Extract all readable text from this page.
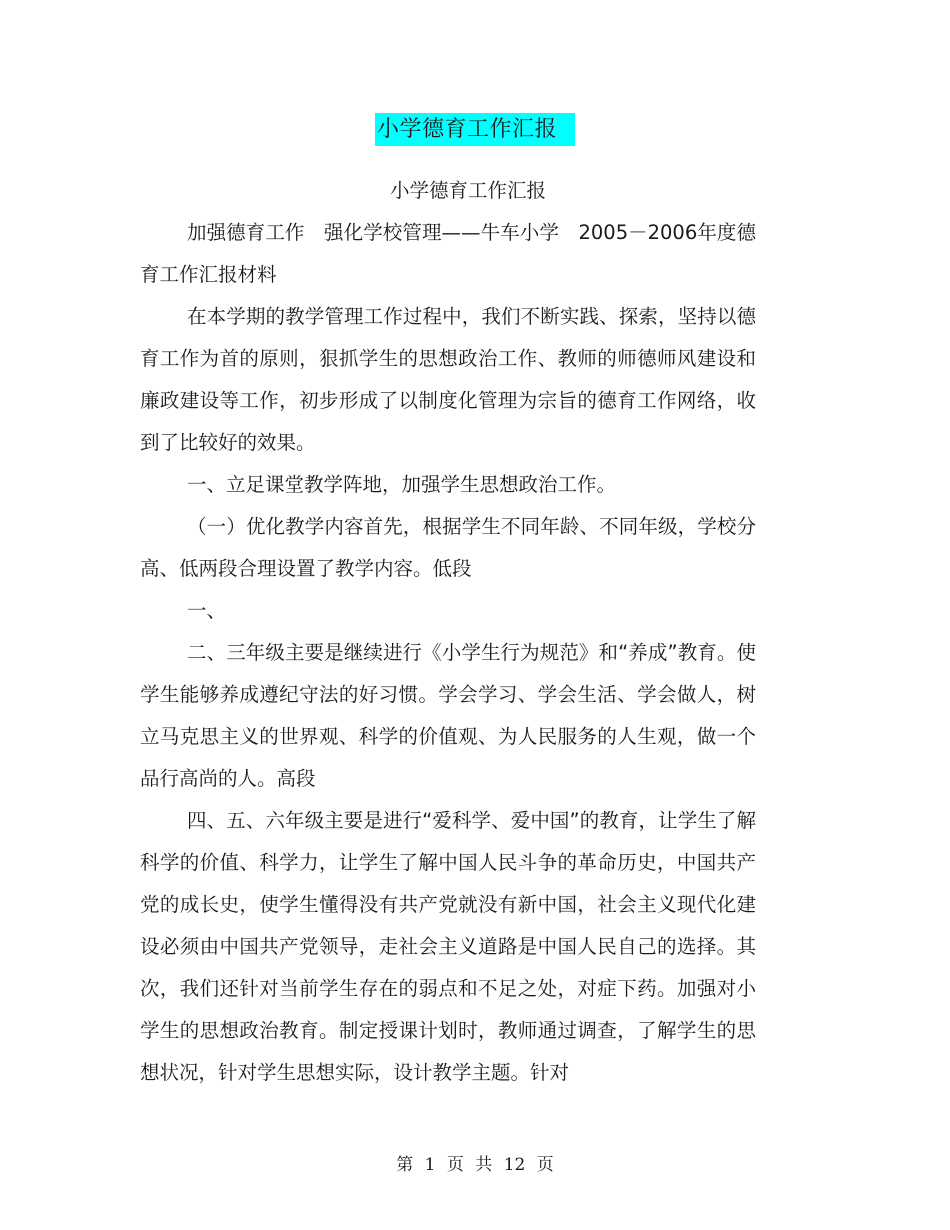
小学德育工作汇报

小学德育工作汇报

加强德育工作　强化学校管理——牛车小学　2005－2006年度德育工作汇报材料

在本学期的教学管理工作过程中，我们不断实践、探索，坚持以德育工作为首的原则，狠抓学生的思想政治工作、教师的师德师风建设和廉政建设等工作，初步形成了以制度化管理为宗旨的德育工作网络，收到了比较好的效果。

一、立足课堂教学阵地，加强学生思想政治工作。

（一）优化教学内容首先，根据学生不同年龄、不同年级，学校分高、低两段合理设置了教学内容。低段

一、

二、三年级主要是继续进行《小学生行为规范》和“养成”教育。使学生能够养成遵纪守法的好习惯。学会学习、学会生活、学会做人，树立马克思主义的世界观、科学的价值观、为人民服务的人生观，做一个品行高尚的人。高段

四、五、六年级主要是进行“爱科学、爱中国”的教育，让学生了解科学的价值、科学力，让学生了解中国人民斗争的革命历史，中国共产党的成长史，使学生懂得没有共产党就没有新中国，社会主义现代化建设必须由中国共产党领导，走社会主义道路是中国人民自己的选择。其次，我们还针对当前学生存在的弱点和不足之处，对症下药。加强对小学生的思想政治教育。制定授课计划时，教师通过调查，了解学生的思想状况，针对学生思想实际，设计教学主题。针对

第 1 页 共 12 页
